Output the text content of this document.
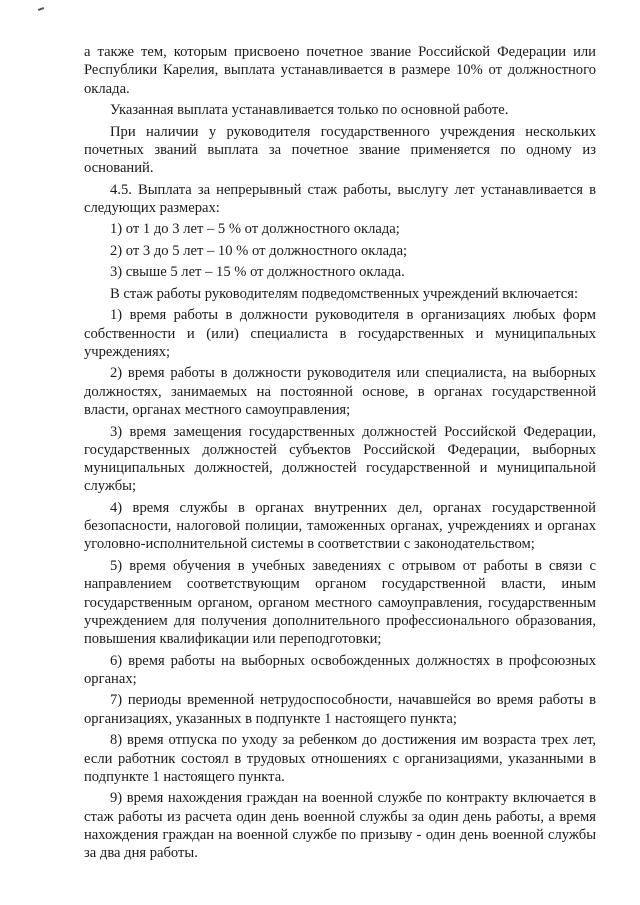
а также тем, которым присвоено почетное звание Российской Федерации или Республики Карелия, выплата устанавливается в размере 10% от должностного оклада.

Указанная выплата устанавливается только по основной работе.

При наличии у руководителя государственного учреждения нескольких почетных званий выплата за почетное звание применяется по одному из оснований.

4.5. Выплата за непрерывный стаж работы, выслугу лет устанавливается в следующих размерах:

1) от 1 до 3 лет – 5 % от должностного оклада;

2) от 3 до 5 лет – 10 % от должностного оклада;

3) свыше 5 лет – 15 % от должностного оклада.

В стаж работы руководителям подведомственных учреждений включается:

1) время работы в должности руководителя в организациях любых форм собственности и (или) специалиста в государственных и муниципальных учреждениях;

2) время работы в должности руководителя или специалиста, на выборных должностях, занимаемых на постоянной основе, в органах государственной власти, органах местного самоуправления;

3) время замещения государственных должностей Российской Федерации, государственных должностей субъектов Российской Федерации, выборных муниципальных должностей, должностей государственной и муниципальной службы;

4) время службы в органах внутренних дел, органах государственной безопасности, налоговой полиции, таможенных органах, учреждениях и органах уголовно-исполнительной системы в соответствии с законодательством;

5) время обучения в учебных заведениях с отрывом от работы в связи с направлением соответствующим органом государственной власти, иным государственным органом, органом местного самоуправления, государственным учреждением для получения дополнительного профессионального образования, повышения квалификации или переподготовки;

6) время работы на выборных освобожденных должностях в профсоюзных органах;

7) периоды временной нетрудоспособности, начавшейся во время работы в организациях, указанных в подпункте 1 настоящего пункта;

8) время отпуска по уходу за ребенком до достижения им возраста трех лет, если работник состоял в трудовых отношениях с организациями, указанными в подпункте 1 настоящего пункта.

9) время нахождения граждан на военной службе по контракту включается в стаж работы из расчета один день военной службы за один день работы, а время нахождения граждан на военной службе по призыву - один день военной службы за два дня работы.
